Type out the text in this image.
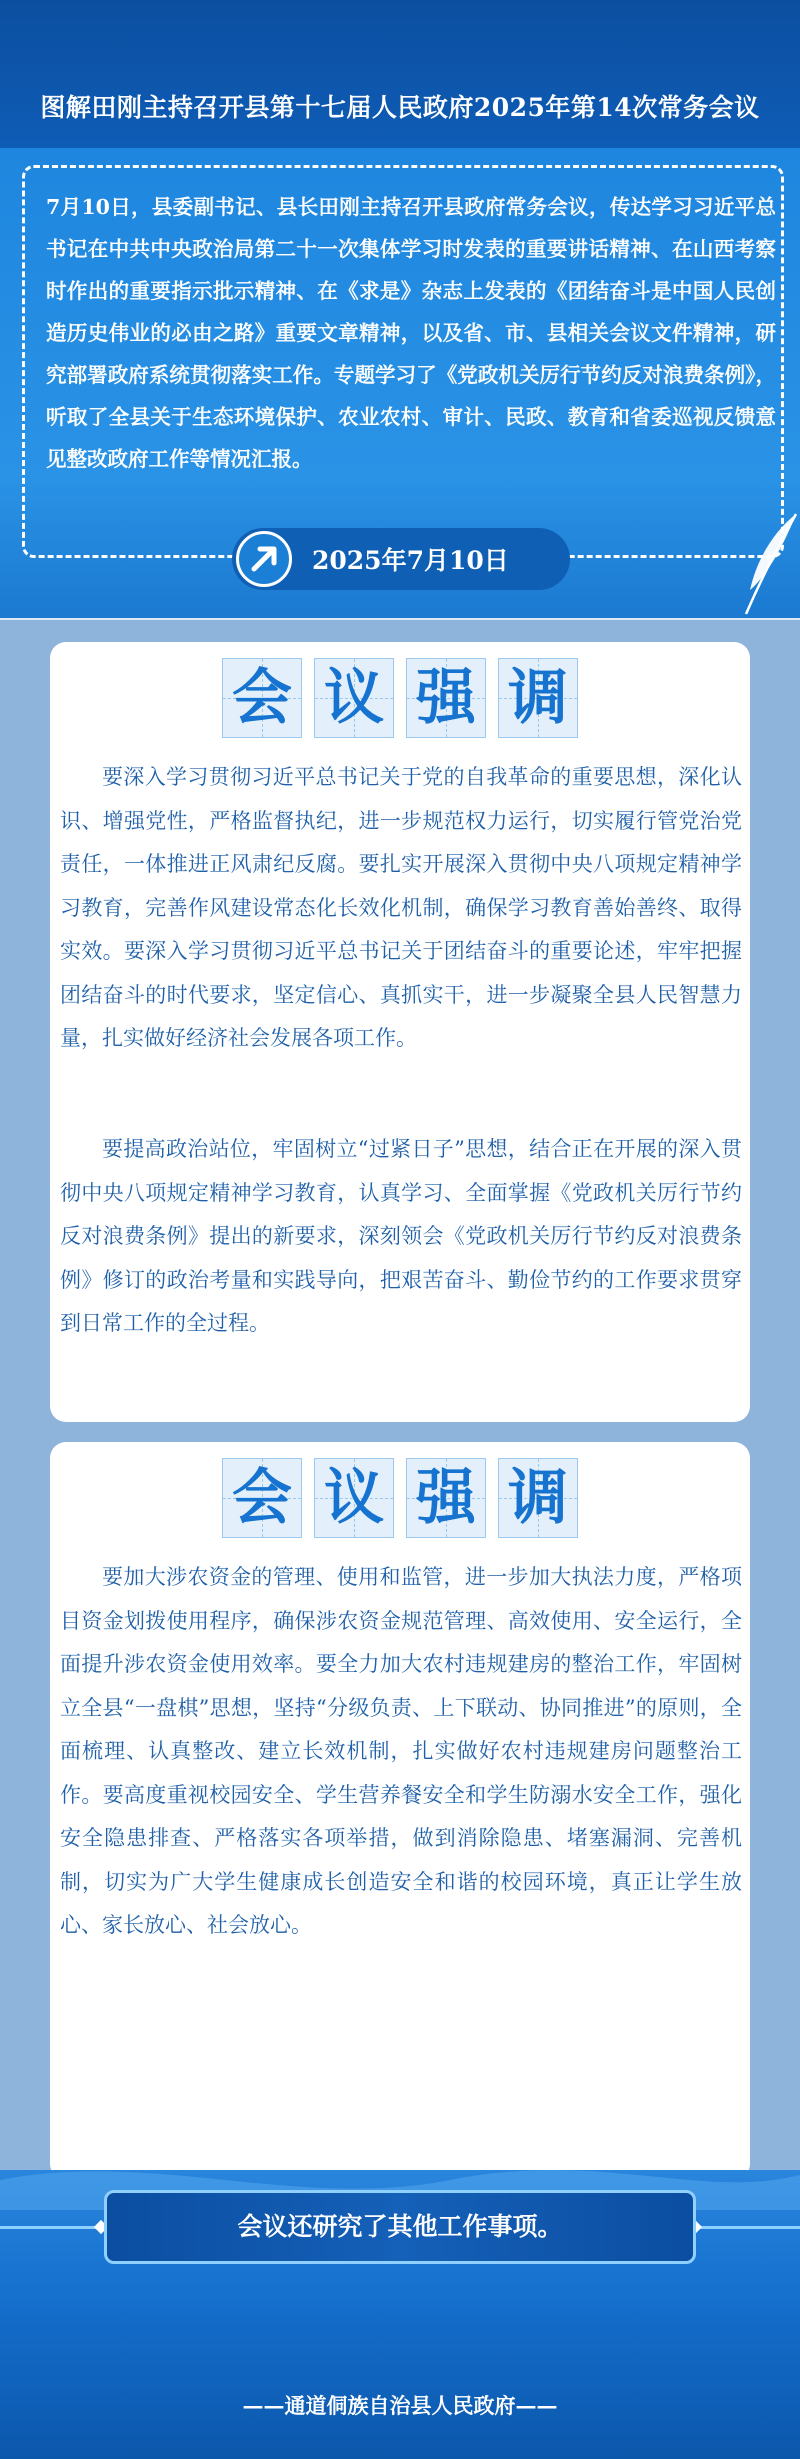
图解田刚主持召开县第十七届人民政府2025年第14次常务会议
7月10日，县委副书记、县长田刚主持召开县政府常务会议，传达学习习近平总书记在中共中央政治局第二十一次集体学习时发表的重要讲话精神、在山西考察时作出的重要指示批示精神、在《求是》杂志上发表的《团结奋斗是中国人民创造历史伟业的必由之路》重要文章精神，以及省、市、县相关会议文件精神，研究部署政府系统贯彻落实工作。专题学习了《党政机关厉行节约反对浪费条例》，听取了全县关于生态环境保护、农业农村、审计、民政、教育和省委巡视反馈意见整改政府工作等情况汇报。
2025年7月10日
会 议 强 调
要深入学习贯彻习近平总书记关于党的自我革命的重要思想，深化认识、增强党性，严格监督执纪，进一步规范权力运行，切实履行管党治党责任，一体推进正风肃纪反腐。要扎实开展深入贯彻中央八项规定精神学习教育，完善作风建设常态化长效化机制，确保学习教育善始善终、取得实效。要深入学习贯彻习近平总书记关于团结奋斗的重要论述，牢牢把握团结奋斗的时代要求，坚定信心、真抓实干，进一步凝聚全县人民智慧力量，扎实做好经济社会发展各项工作。
要提高政治站位，牢固树立“过紧日子”思想，结合正在开展的深入贯彻中央八项规定精神学习教育，认真学习、全面掌握《党政机关厉行节约反对浪费条例》提出的新要求，深刻领会《党政机关厉行节约反对浪费条例》修订的政治考量和实践导向，把艰苦奋斗、勤俭节约的工作要求贯穿到日常工作的全过程。
会 议 强 调
要加大涉农资金的管理、使用和监管，进一步加大执法力度，严格项目资金划拨使用程序，确保涉农资金规范管理、高效使用、安全运行，全面提升涉农资金使用效率。要全力加大农村违规建房的整治工作，牢固树立全县“一盘棋”思想，坚持“分级负责、上下联动、协同推进”的原则，全面梳理、认真整改、建立长效机制，扎实做好农村违规建房问题整治工作。要高度重视校园安全、学生营养餐安全和学生防溺水安全工作，强化安全隐患排查、严格落实各项举措，做到消除隐患、堵塞漏洞、完善机制，切实为广大学生健康成长创造安全和谐的校园环境，真正让学生放心、家长放心、社会放心。
会议还研究了其他工作事项。
——通道侗族自治县人民政府——
